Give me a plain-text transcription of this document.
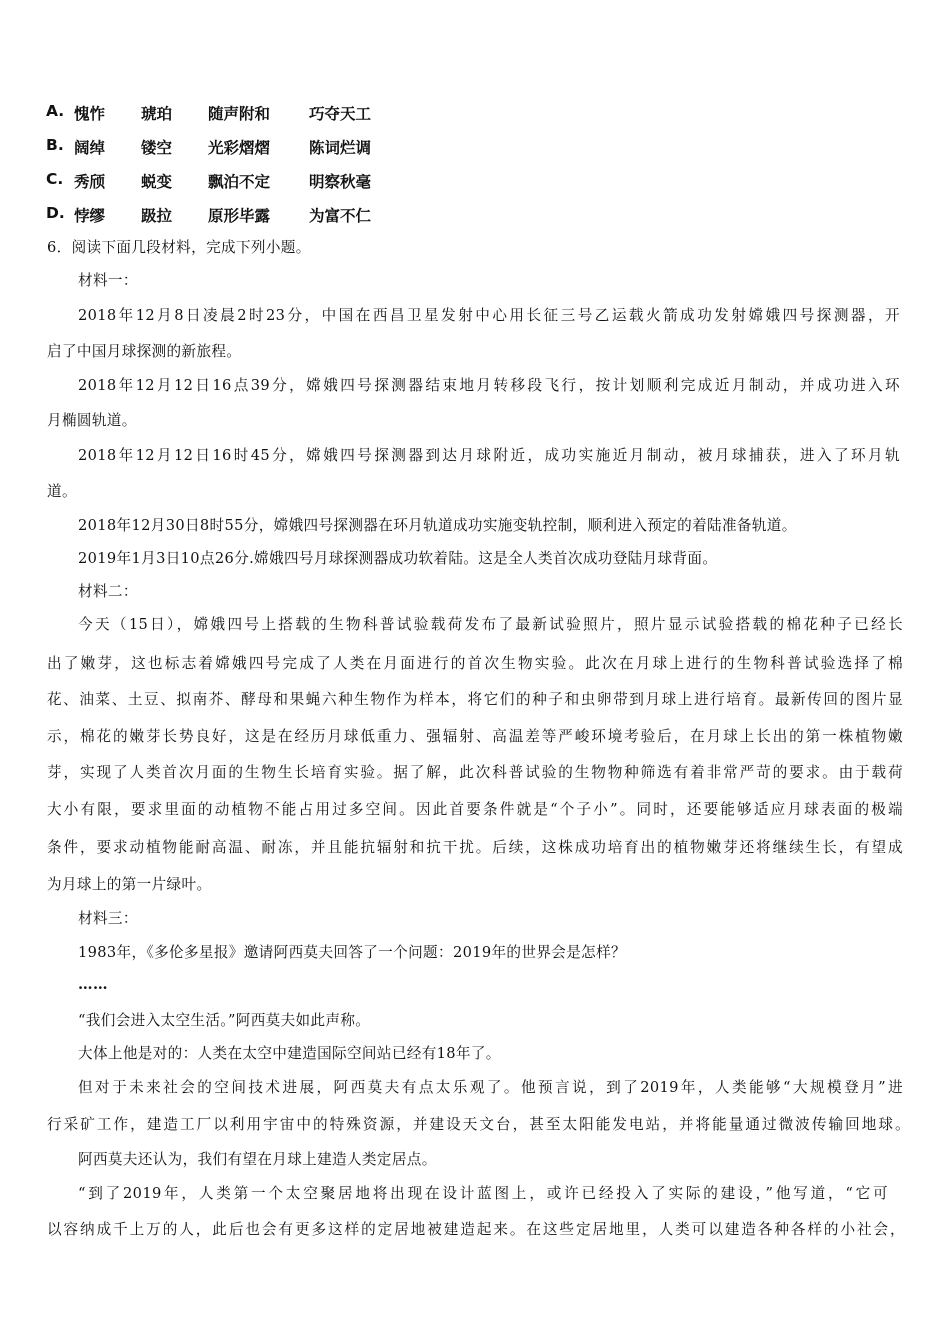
A. 愧怍 琥珀 随声附和	巧夺天工
B. 阔绰 镂空 光彩熠熠	陈词烂调
C. 秀颀 蜕变 飘泊不定	明察秋毫
D. 悖缪 趿拉 原形毕露	为富不仁
6．阅读下面几段材料，完成下列小题。
材料一：
2018年12月8日凌晨2时23分，中国在西昌卫星发射中心用长征三号乙运载火箭成功发射嫦娥四号探测器，开
启了中国月球探测的新旅程。
2018年12月12日16点39分，嫦娥四号探测器结束地月转移段飞行，按计划顺利完成近月制动，并成功进入环
月椭圆轨道。
2018年12月12日16时45分，嫦娥四号探测器到达月球附近，成功实施近月制动，被月球捕获，进入了环月轨
道。
2018年12月30日8时55分，嫦娥四号探测器在环月轨道成功实施变轨控制，顺利进入预定的着陆准备轨道。
2019年1月3日10点26分.嫦娥四号月球探测器成功软着陆。这是全人类首次成功登陆月球背面。
材料二：
今天（15日），嫦娥四号上搭载的生物科普试验载荷发布了最新试验照片，照片显示试验搭载的棉花种子已经长
出了嫩芽，这也标志着嫦娥四号完成了人类在月面进行的首次生物实验。此次在月球上进行的生物科普试验选择了棉
花、油菜、土豆、拟南芥、酵母和果蝇六种生物作为样本，将它们的种子和虫卵带到月球上进行培育。最新传回的图片显
示，棉花的嫩芽长势良好，这是在经历月球低重力、强辐射、高温差等严峻环境考验后，在月球上长出的第一株植物嫩
芽，实现了人类首次月面的生物生长培育实验。据了解，此次科普试验的生物物种筛选有着非常严苛的要求。由于载荷
大小有限，要求里面的动植物不能占用过多空间。因此首要条件就是“个子小”。同时，还要能够适应月球表面的极端
条件，要求动植物能耐高温、耐冻，并且能抗辐射和抗干扰。后续，这株成功培育出的植物嫩芽还将继续生长，有望成
为月球上的第一片绿叶。
材料三：
1983年，《多伦多星报》邀请阿西莫夫回答了一个问题：2019年的世界会是怎样？
……
“我们会进入太空生活。”阿西莫夫如此声称。
大体上他是对的：人类在太空中建造国际空间站已经有18年了。
但对于未来社会的空间技术进展，阿西莫夫有点太乐观了。他预言说，到了2019年，人类能够“大规模登月”进
行采矿工作，建造工厂以利用宇宙中的特殊资源，并建设天文台，甚至太阳能发电站，并将能量通过微波传输回地球。
阿西莫夫还认为，我们有望在月球上建造人类定居点。
“到了2019年，人类第一个太空聚居地将出现在设计蓝图上，或许已经投入了实际的建设，”他写道，“它可
以容纳成千上万的人，此后也会有更多这样的定居地被建造起来。在这些定居地里，人类可以建造各种各样的小社会，
